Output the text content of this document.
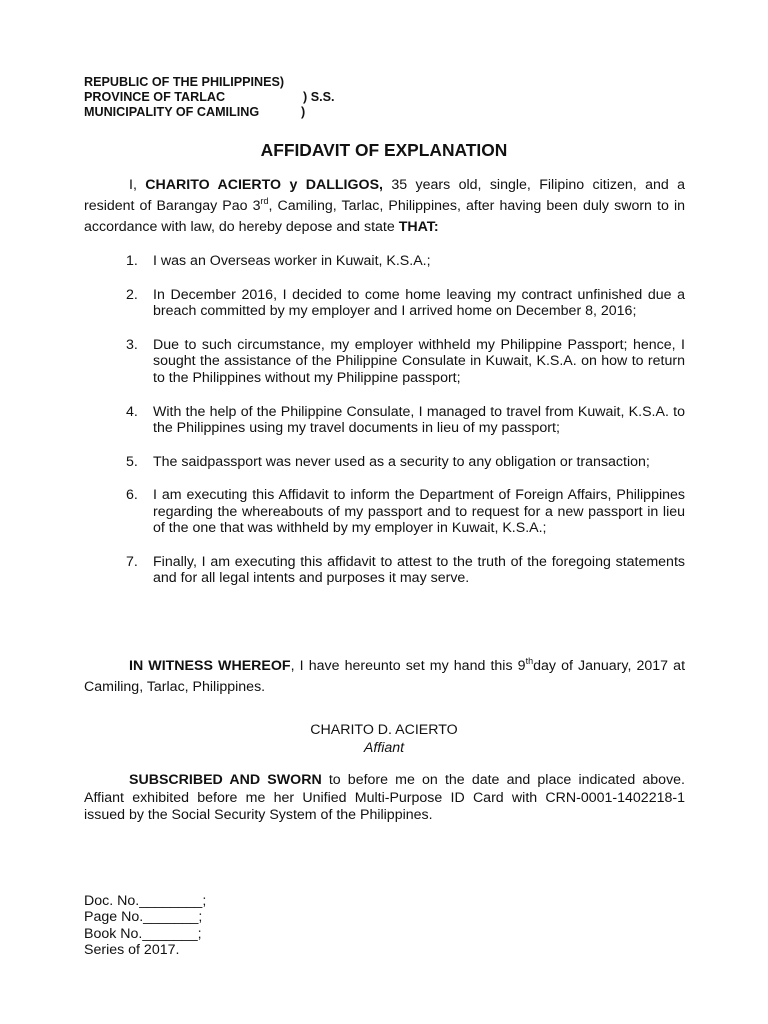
REPUBLIC OF THE PHILIPPINES)
PROVINCE OF TARLAC	) S.S.
MUNICIPALITY OF CAMILING	)
AFFIDAVIT OF EXPLANATION
I, CHARITO ACIERTO y DALLIGOS, 35 years old, single, Filipino citizen, and a resident of Barangay Pao 3rd, Camiling, Tarlac, Philippines, after having been duly sworn to in accordance with law, do hereby depose and state THAT:
1. I was an Overseas worker in Kuwait, K.S.A.;
2. In December 2016, I decided to come home leaving my contract unfinished due a breach committed by my employer and I arrived home on December 8, 2016;
3. Due to such circumstance, my employer withheld my Philippine Passport; hence, I sought the assistance of the Philippine Consulate in Kuwait, K.S.A. on how to return to the Philippines without my Philippine passport;
4. With the help of the Philippine Consulate, I managed to travel from Kuwait, K.S.A. to the Philippines using my travel documents in lieu of my passport;
5. The saidpassport was never used as a security to any obligation or transaction;
6. I am executing this Affidavit to inform the Department of Foreign Affairs, Philippines regarding the whereabouts of my passport and to request for a new passport in lieu of the one that was withheld by my employer in Kuwait, K.S.A.;
7. Finally, I am executing this affidavit to attest to the truth of the foregoing statements and for all legal intents and purposes it may serve.
IN WITNESS WHEREOF, I have hereunto set my hand this 9thday of January, 2017 at Camiling, Tarlac, Philippines.
CHARITO D. ACIERTO
Affiant
SUBSCRIBED AND SWORN to before me on the date and place indicated above. Affiant exhibited before me her Unified Multi-Purpose ID Card with CRN-0001-1402218-1 issued by the Social Security System of the Philippines.
Doc. No.________;
Page No._______;
Book No._______;
Series of 2017.
